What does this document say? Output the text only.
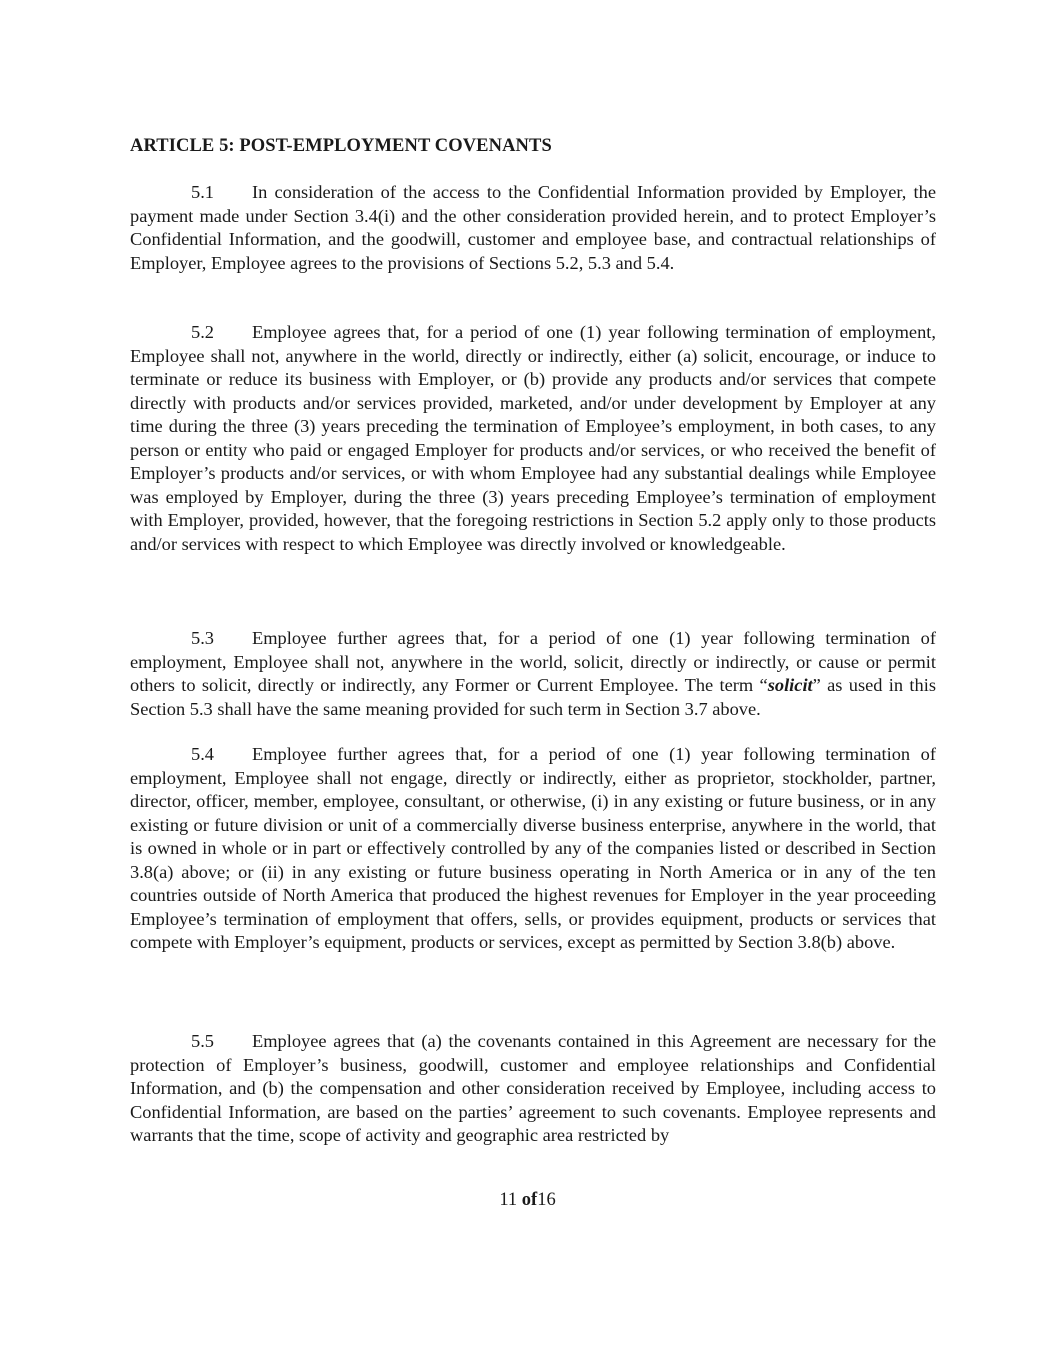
ARTICLE 5: POST-EMPLOYMENT COVENANTS

5.1 In consideration of the access to the Confidential Information provided by Employer, the payment made under Section 3.4(i) and the other consideration provided herein, and to protect Employer’s Confidential Information, and the goodwill, customer and employee base, and contractual relationships of Employer, Employee agrees to the provisions of Sections 5.2, 5.3 and 5.4.

5.2 Employee agrees that, for a period of one (1) year following termination of employment, Employee shall not, anywhere in the world, directly or indirectly, either (a) solicit, encourage, or induce to terminate or reduce its business with Employer, or (b) provide any products and/or services that compete directly with products and/or services provided, marketed, and/or under development by Employer at any time during the three (3) years preceding the termination of Employee’s employment, in both cases, to any person or entity who paid or engaged Employer for products and/or services, or who received the benefit of Employer’s products and/or services, or with whom Employee had any substantial dealings while Employee was employed by Employer, during the three (3) years preceding Employee’s termination of employment with Employer, provided, however, that the foregoing restrictions in Section 5.2 apply only to those products and/or services with respect to which Employee was directly involved or knowledgeable.

5.3 Employee further agrees that, for a period of one (1) year following termination of employment, Employee shall not, anywhere in the world, solicit, directly or indirectly, or cause or permit others to solicit, directly or indirectly, any Former or Current Employee. The term “solicit” as used in this Section 5.3 shall have the same meaning provided for such term in Section 3.7 above.

5.4 Employee further agrees that, for a period of one (1) year following termination of employment, Employee shall not engage, directly or indirectly, either as proprietor, stockholder, partner, director, officer, member, employee, consultant, or otherwise, (i) in any existing or future business, or in any existing or future division or unit of a commercially diverse business enterprise, anywhere in the world, that is owned in whole or in part or effectively controlled by any of the companies listed or described in Section 3.8(a) above; or (ii) in any existing or future business operating in North America or in any of the ten countries outside of North America that produced the highest revenues for Employer in the year proceeding Employee’s termination of employment that offers, sells, or provides equipment, products or services that compete with Employer’s equipment, products or services, except as permitted by Section 3.8(b) above.

5.5 Employee agrees that (a) the covenants contained in this Agreement are necessary for the protection of Employer’s business, goodwill, customer and employee relationships and Confidential Information, and (b) the compensation and other consideration received by Employee, including access to Confidential Information, are based on the parties’ agreement to such covenants. Employee represents and warrants that the time, scope of activity and geographic area restricted by

11 of16
